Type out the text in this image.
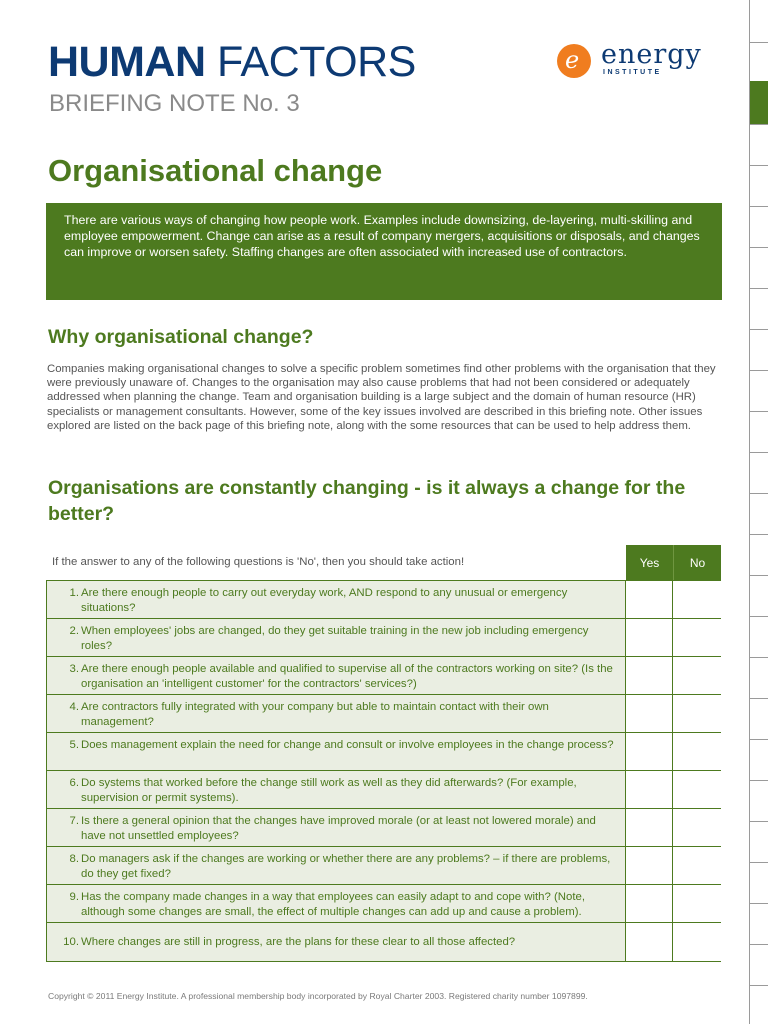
HUMAN FACTORS
BRIEFING NOTE No. 3
e energy
INSTITUTE
Organisational change

There are various ways of changing how people work. Examples include downsizing, de-layering, multi-skilling and employee empowerment. Change can arise as a result of company mergers, acquisitions or disposals, and changes can improve or worsen safety. Staffing changes are often associated with increased use of contractors.

Why organisational change?

Companies making organisational changes to solve a specific problem sometimes find other problems with the organisation that they were previously unaware of. Changes to the organisation may also cause problems that had not been considered or adequately addressed when planning the change. Team and organisation building is a large subject and the domain of human resource (HR) specialists or management consultants. However, some of the key issues involved are described in this briefing note. Other issues explored are listed on the back page of this briefing note, along with the some resources that can be used to help address them.

Organisations are constantly changing - is it always a change for the better?
If the answer to any of the following questions is 'No', then you should take action!	Yes	No
1. Are there enough people to carry out everyday work, AND respond to any unusual or emergency situations?
2. When employees' jobs are changed, do they get suitable training in the new job including emergency roles?
3. Are there enough people available and qualified to supervise all of the contractors working on site? (Is the organisation an 'intelligent customer' for the contractors' services?)
4. Are contractors fully integrated with your company but able to maintain contact with their own management?
5. Does management explain the need for change and consult or involve employees in the change process?
6. Do systems that worked before the change still work as well as they did afterwards? (For example, supervision or permit systems).
7. Is there a general opinion that the changes have improved morale (or at least not lowered morale) and have not unsettled employees?
8. Do managers ask if the changes are working or whether there are any problems? – if there are problems, do they get fixed?
9. Has the company made changes in a way that employees can easily adapt to and cope with? (Note, although some changes are small, the effect of multiple changes can add up and cause a problem).
10. Where changes are still in progress, are the plans for these clear to all those affected?
Copyright © 2011 Energy Institute. A professional membership body incorporated by Royal Charter 2003. Registered charity number 1097899.
